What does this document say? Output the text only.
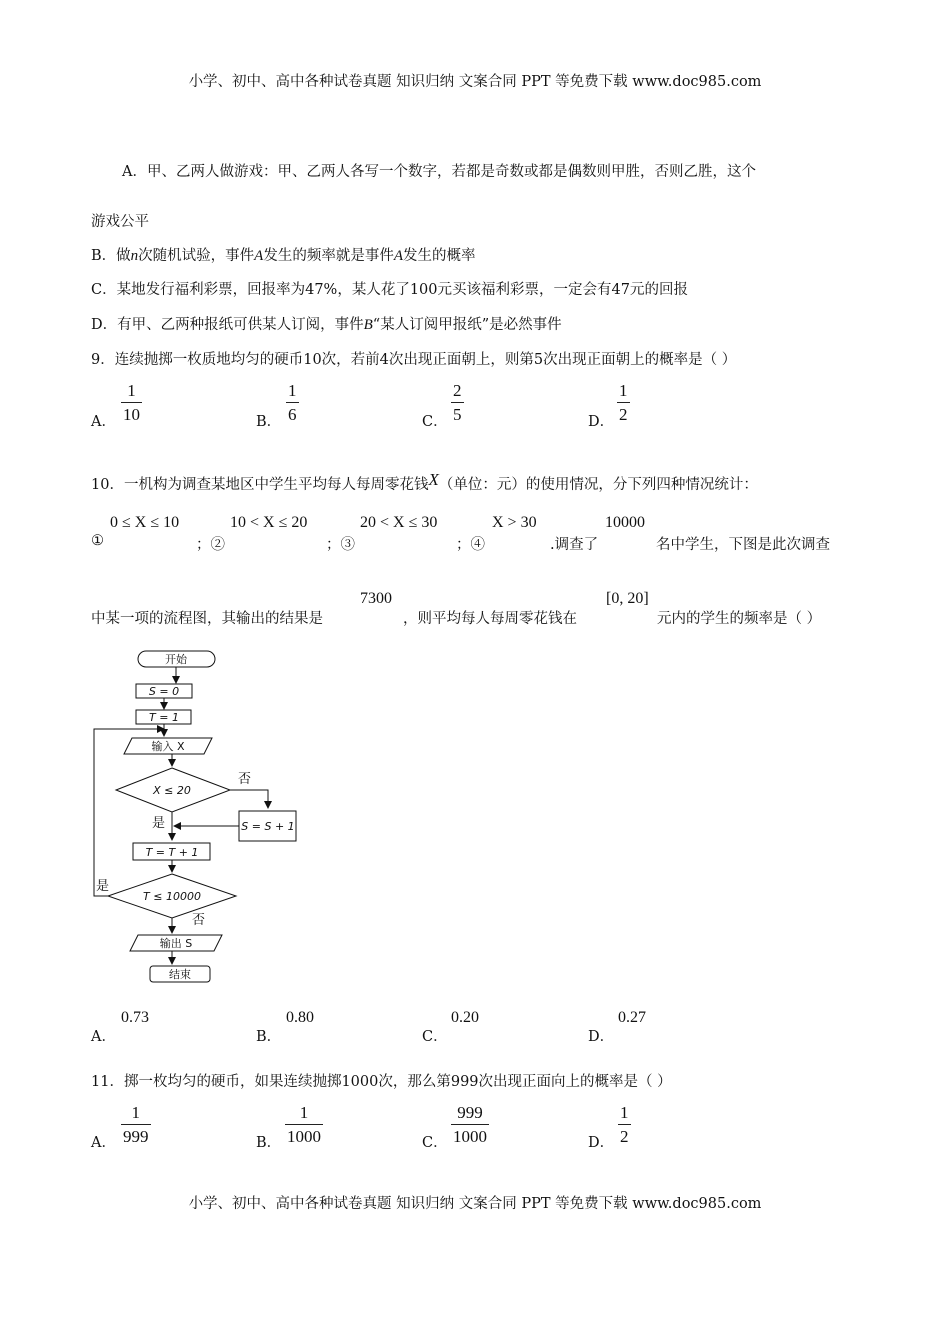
小学、初中、高中各种试卷真题 知识归纳 文案合同 PPT 等免费下载 www.doc985.com
A．甲、乙两人做游戏：甲、乙两人各写一个数字，若都是奇数或都是偶数则甲胜，否则乙胜，这个
游戏公平
B．做n次随机试验，事件A发生的频率就是事件A发生的概率
C．某地发行福利彩票，回报率为47%，某人花了100元买该福利彩票，一定会有47元的回报
D．有甲、乙两种报纸可供某人订阅，事件B“某人订阅甲报纸”是必然事件
9．连续抛掷一枚质地均匀的硬币10次，若前4次出现正面朝上，则第5次出现正面朝上的概率是（ ）
A． $\frac{1}{10}$	B． $\frac{1}{6}$	C． $\frac{2}{5}$	D． $\frac{1}{2}$
10．一机构为调查某地区中学生平均每人每周零花钱X（单位：元）的使用情况，分下列四种情况统计：
①
0 ≤ X ≤ 10
；②
10 < X ≤ 20
；③
20 < X ≤ 30
；④
X > 30
.调查了
10000
名中学生，下图是此次调查
中某一项的流程图，其输出的结果是
7300
，则平均每人每周零花钱在
[0, 20]
元内的学生的频率是（ ）
开始
S = 0
T = 1
输入 X
X ≤ 20
S = S + 1
T = T + 1
T ≤ 10000
输出 S
结束
否
是
是
否
A．
0.73
B．
0.80
C．
0.20
D．
0.27
11．掷一枚均匀的硬币，如果连续抛掷1000次，那么第999次出现正面向上的概率是（ ）
A． $\frac{1}{999}$	B． $\frac{1}{1000}$	C． $\frac{999}{1000}$	D． $\frac{1}{2}$
小学、初中、高中各种试卷真题 知识归纳 文案合同 PPT 等免费下载 www.doc985.com
